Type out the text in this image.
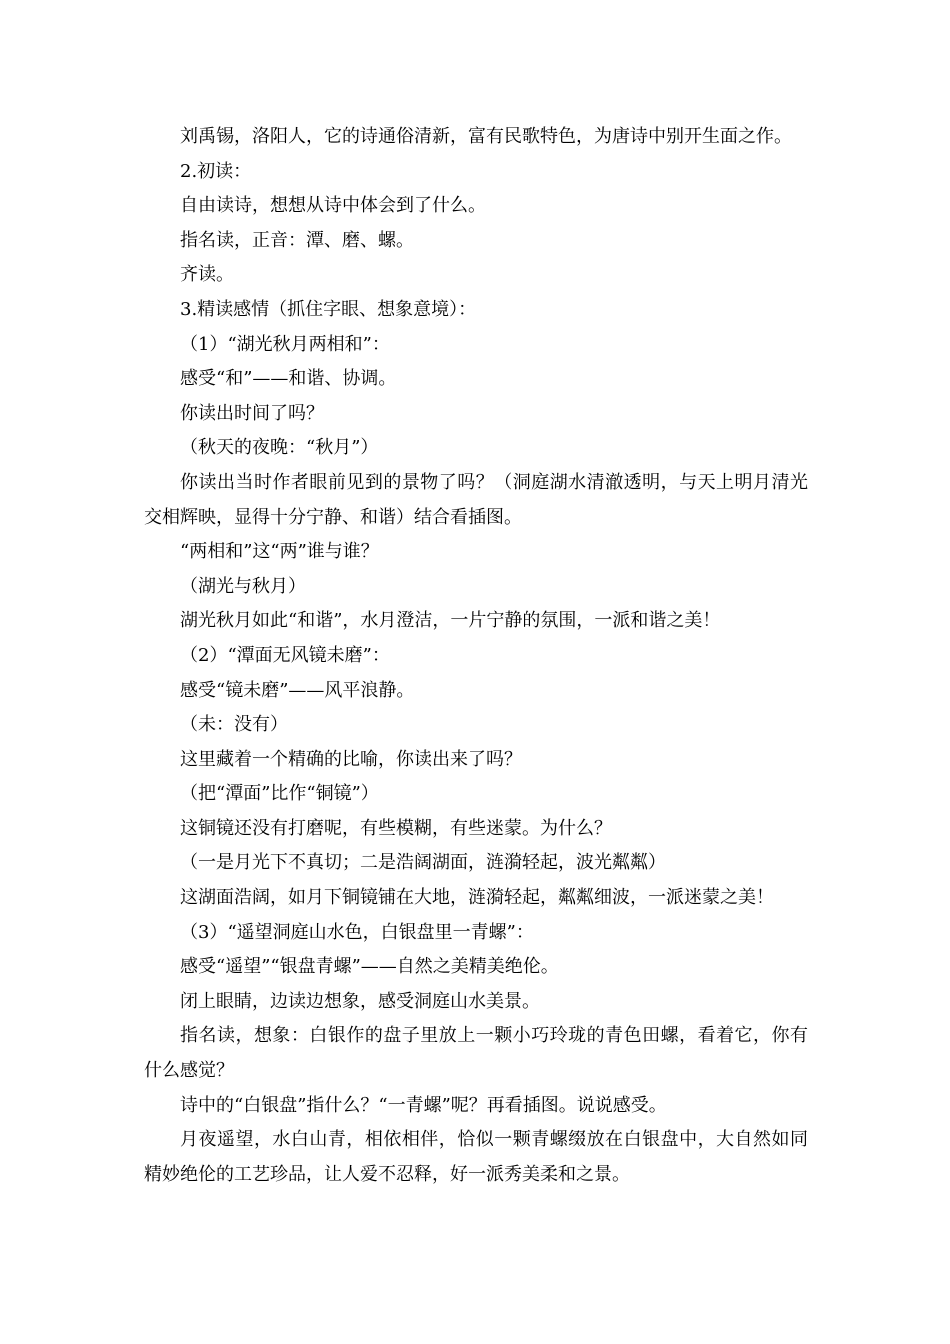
刘禹锡，洛阳人，它的诗通俗清新，富有民歌特色，为唐诗中别开生面之作。

2.初读：

自由读诗，想想从诗中体会到了什么。

指名读，正音：潭、磨、螺。

齐读。

3.精读感情（抓住字眼、想象意境）：

（1）“湖光秋月两相和”：

感受“和”——和谐、协调。

你读出时间了吗？

（秋天的夜晚：“秋月”）

你读出当时作者眼前见到的景物了吗？（洞庭湖水清澈透明，与天上明月清光交相辉映，显得十分宁静、和谐）结合看插图。

“两相和”这“两”谁与谁？

（湖光与秋月）

湖光秋月如此“和谐”，水月澄洁，一片宁静的氛围，一派和谐之美！

（2）“潭面无风镜未磨”：

感受“镜未磨”——风平浪静。

（未：没有）

这里藏着一个精确的比喻，你读出来了吗？

（把“潭面”比作“铜镜”）

这铜镜还没有打磨呢，有些模糊，有些迷蒙。为什么？

（一是月光下不真切；二是浩阔湖面，涟漪轻起，波光粼粼）

这湖面浩阔，如月下铜镜铺在大地，涟漪轻起，粼粼细波，一派迷蒙之美！

（3）“遥望洞庭山水色，白银盘里一青螺”：

感受“遥望”“银盘青螺”——自然之美精美绝伦。

闭上眼睛，边读边想象，感受洞庭山水美景。

指名读，想象：白银作的盘子里放上一颗小巧玲珑的青色田螺，看着它，你有什么感觉？

诗中的“白银盘”指什么？“一青螺”呢？再看插图。说说感受。

月夜遥望，水白山青，相依相伴，恰似一颗青螺缀放在白银盘中，大自然如同精妙绝伦的工艺珍品，让人爱不忍释，好一派秀美柔和之景。
